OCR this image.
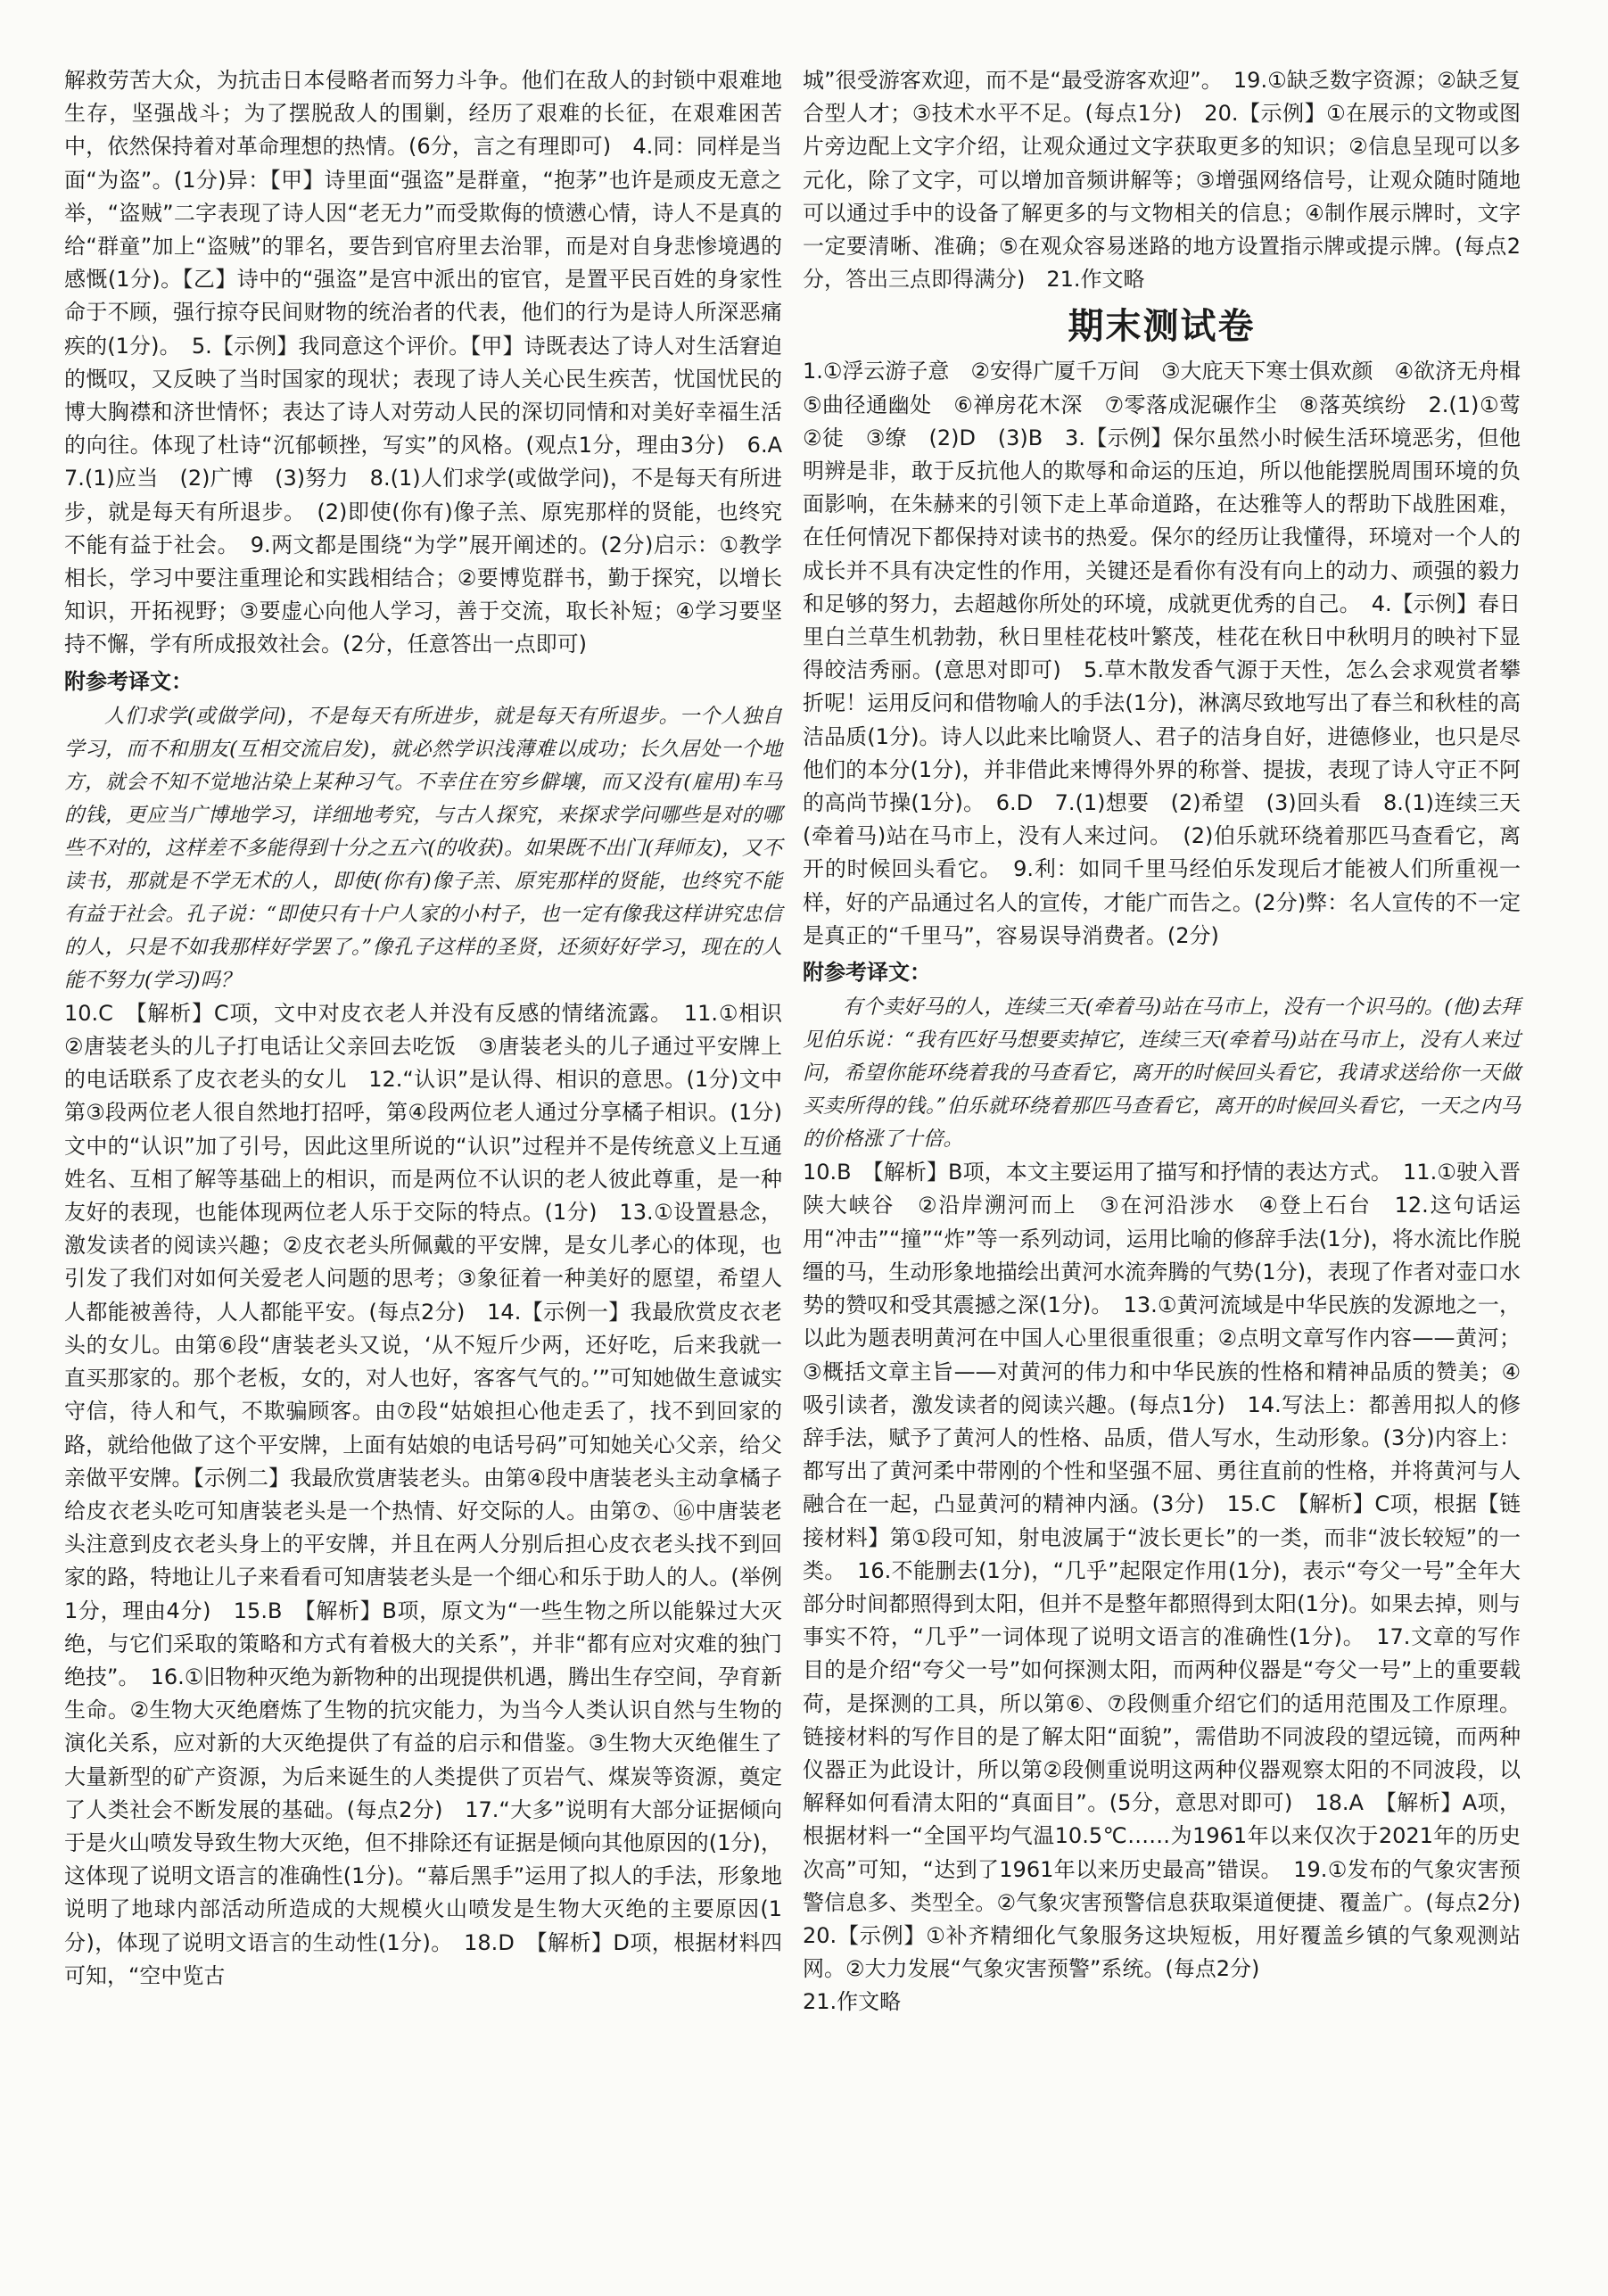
解救劳苦大众，为抗击日本侵略者而努力斗争。他们在敌人的封锁中艰难地生存，坚强战斗；为了摆脱敌人的围剿，经历了艰难的长征，在艰难困苦中，依然保持着对革命理想的热情。(6分，言之有理即可)　4.同：同样是当面“为盗”。(1分)异：【甲】诗里面“强盗”是群童，“抱茅”也许是顽皮无意之举，“盗贼”二字表现了诗人因“老无力”而受欺侮的愤懑心情，诗人不是真的给“群童”加上“盗贼”的罪名，要告到官府里去治罪，而是对自身悲惨境遇的感慨(1分)。【乙】诗中的“强盗”是宫中派出的宦官，是置平民百姓的身家性命于不顾，强行掠夺民间财物的统治者的代表，他们的行为是诗人所深恶痛疾的(1分)。　5.【示例】我同意这个评价。【甲】诗既表达了诗人对生活窘迫的慨叹，又反映了当时国家的现状；表现了诗人关心民生疾苦，忧国忧民的博大胸襟和济世情怀；表达了诗人对劳动人民的深切同情和对美好幸福生活的向往。体现了杜诗“沉郁顿挫，写实”的风格。(观点1分，理由3分)　6.A　7.(1)应当　(2)广博　(3)努力　8.(1)人们求学(或做学问)，不是每天有所进步，就是每天有所退步。　(2)即使(你有)像子羔、原宪那样的贤能，也终究不能有益于社会。　9.两文都是围绕“为学”展开阐述的。(2分)启示：①教学相长，学习中要注重理论和实践相结合；②要博览群书，勤于探究，以增长知识，开拓视野；③要虚心向他人学习，善于交流，取长补短；④学习要坚持不懈，学有所成报效社会。(2分，任意答出一点即可)

附参考译文：

人们求学(或做学问)，不是每天有所进步，就是每天有所退步。一个人独自学习，而不和朋友(互相交流启发)，就必然学识浅薄难以成功；长久居处一个地方，就会不知不觉地沾染上某种习气。不幸住在穷乡僻壤，而又没有(雇用)车马的钱，更应当广博地学习，详细地考究，与古人探究，来探求学问哪些是对的哪些不对的，这样差不多能得到十分之五六(的收获)。如果既不出门(拜师友)，又不读书，那就是不学无术的人，即使(你有)像子羔、原宪那样的贤能，也终究不能有益于社会。孔子说：“即使只有十户人家的小村子，也一定有像我这样讲究忠信的人，只是不如我那样好学罢了。”像孔子这样的圣贤，还须好好学习，现在的人能不努力(学习)吗？

10.C　【解析】C项，文中对皮衣老人并没有反感的情绪流露。　11.①相识　②唐装老头的儿子打电话让父亲回去吃饭　③唐装老头的儿子通过平安牌上的电话联系了皮衣老头的女儿　12.“认识”是认得、相识的意思。(1分)文中第③段两位老人很自然地打招呼，第④段两位老人通过分享橘子相识。(1分)文中的“认识”加了引号，因此这里所说的“认识”过程并不是传统意义上互通姓名、互相了解等基础上的相识，而是两位不认识的老人彼此尊重，是一种友好的表现，也能体现两位老人乐于交际的特点。(1分)　13.①设置悬念，激发读者的阅读兴趣；②皮衣老头所佩戴的平安牌，是女儿孝心的体现，也引发了我们对如何关爱老人问题的思考；③象征着一种美好的愿望，希望人人都能被善待，人人都能平安。(每点2分)　14.【示例一】我最欣赏皮衣老头的女儿。由第⑥段“唐装老头又说，‘从不短斤少两，还好吃，后来我就一直买那家的。那个老板，女的，对人也好，客客气气的。’”可知她做生意诚实守信，待人和气，不欺骗顾客。由⑦段“姑娘担心他走丢了，找不到回家的路，就给他做了这个平安牌，上面有姑娘的电话号码”可知她关心父亲，给父亲做平安牌。【示例二】我最欣赏唐装老头。由第④段中唐装老头主动拿橘子给皮衣老头吃可知唐装老头是一个热情、好交际的人。由第⑦、⑯中唐装老头注意到皮衣老头身上的平安牌，并且在两人分别后担心皮衣老头找不到回家的路，特地让儿子来看看可知唐装老头是一个细心和乐于助人的人。(举例1分，理由4分)　15.B　【解析】B项，原文为“一些生物之所以能躲过大灭绝，与它们采取的策略和方式有着极大的关系”，并非“都有应对灾难的独门绝技”。　16.①旧物种灭绝为新物种的出现提供机遇，腾出生存空间，孕育新生命。②生物大灭绝磨炼了生物的抗灾能力，为当今人类认识自然与生物的演化关系，应对新的大灭绝提供了有益的启示和借鉴。③生物大灭绝催生了大量新型的矿产资源，为后来诞生的人类提供了页岩气、煤炭等资源，奠定了人类社会不断发展的基础。(每点2分)　17.“大多”说明有大部分证据倾向于是火山喷发导致生物大灭绝，但不排除还有证据是倾向其他原因的(1分)，这体现了说明文语言的准确性(1分)。“幕后黑手”运用了拟人的手法，形象地说明了地球内部活动所造成的大规模火山喷发是生物大灭绝的主要原因(1分)，体现了说明文语言的生动性(1分)。　18.D　【解析】D项，根据材料四可知，“空中览古

城”很受游客欢迎，而不是“最受游客欢迎”。　19.①缺乏数字资源；②缺乏复合型人才；③技术水平不足。(每点1分)　20.【示例】①在展示的文物或图片旁边配上文字介绍，让观众通过文字获取更多的知识；②信息呈现可以多元化，除了文字，可以增加音频讲解等；③增强网络信号，让观众随时随地可以通过手中的设备了解更多的与文物相关的信息；④制作展示牌时，文字一定要清晰、准确；⑤在观众容易迷路的地方设置指示牌或提示牌。(每点2分，答出三点即得满分)　21.作文略

期末测试卷

1.①浮云游子意　②安得广厦千万间　③大庇天下寒士俱欢颜　④欲济无舟楫　⑤曲径通幽处　⑥禅房花木深　⑦零落成泥碾作尘　⑧落英缤纷　2.(1)①莺　②徒　③缭　(2)D　(3)B　3.【示例】保尔虽然小时候生活环境恶劣，但他明辨是非，敢于反抗他人的欺辱和命运的压迫，所以他能摆脱周围环境的负面影响，在朱赫来的引领下走上革命道路，在达雅等人的帮助下战胜困难，在任何情况下都保持对读书的热爱。保尔的经历让我懂得，环境对一个人的成长并不具有决定性的作用，关键还是看你有没有向上的动力、顽强的毅力和足够的努力，去超越你所处的环境，成就更优秀的自己。　4.【示例】春日里白兰草生机勃勃，秋日里桂花枝叶繁茂，桂花在秋日中秋明月的映衬下显得皎洁秀丽。(意思对即可)　5.草木散发香气源于天性，怎么会求观赏者攀折呢！运用反问和借物喻人的手法(1分)，淋漓尽致地写出了春兰和秋桂的高洁品质(1分)。诗人以此来比喻贤人、君子的洁身自好，进德修业，也只是尽他们的本分(1分)，并非借此来博得外界的称誉、提拔，表现了诗人守正不阿的高尚节操(1分)。　6.D　7.(1)想要　(2)希望　(3)回头看　8.(1)连续三天(牵着马)站在马市上，没有人来过问。　(2)伯乐就环绕着那匹马查看它，离开的时候回头看它。　9.利：如同千里马经伯乐发现后才能被人们所重视一样，好的产品通过名人的宣传，才能广而告之。(2分)弊：名人宣传的不一定是真正的“千里马”，容易误导消费者。(2分)

附参考译文：

有个卖好马的人，连续三天(牵着马)站在马市上，没有一个识马的。(他)去拜见伯乐说：“我有匹好马想要卖掉它，连续三天(牵着马)站在马市上，没有人来过问，希望你能环绕着我的马查看它，离开的时候回头看它，我请求送给你一天做买卖所得的钱。”伯乐就环绕着那匹马查看它，离开的时候回头看它，一天之内马的价格涨了十倍。

10.B　【解析】B项，本文主要运用了描写和抒情的表达方式。　11.①驶入晋陕大峡谷　②沿岸溯河而上　③在河沿涉水　④登上石台　12.这句话运用“冲击”“撞”“炸”等一系列动词，运用比喻的修辞手法(1分)，将水流比作脱缰的马，生动形象地描绘出黄河水流奔腾的气势(1分)，表现了作者对壶口水势的赞叹和受其震撼之深(1分)。　13.①黄河流域是中华民族的发源地之一，以此为题表明黄河在中国人心里很重很重；②点明文章写作内容——黄河；③概括文章主旨——对黄河的伟力和中华民族的性格和精神品质的赞美；④吸引读者，激发读者的阅读兴趣。(每点1分)　14.写法上：都善用拟人的修辞手法，赋予了黄河人的性格、品质，借人写水，生动形象。(3分)内容上：都写出了黄河柔中带刚的个性和坚强不屈、勇往直前的性格，并将黄河与人融合在一起，凸显黄河的精神内涵。(3分)　15.C　【解析】C项，根据【链接材料】第①段可知，射电波属于“波长更长”的一类，而非“波长较短”的一类。　16.不能删去(1分)，“几乎”起限定作用(1分)，表示“夸父一号”全年大部分时间都照得到太阳，但并不是整年都照得到太阳(1分)。如果去掉，则与事实不符，“几乎”一词体现了说明文语言的准确性(1分)。　17.文章的写作目的是介绍“夸父一号”如何探测太阳，而两种仪器是“夸父一号”上的重要载荷，是探测的工具，所以第⑥、⑦段侧重介绍它们的适用范围及工作原理。链接材料的写作目的是了解太阳“面貌”，需借助不同波段的望远镜，而两种仪器正为此设计，所以第②段侧重说明这两种仪器观察太阳的不同波段，以解释如何看清太阳的“真面目”。(5分，意思对即可)　18.A　【解析】A项，根据材料一“全国平均气温10.5℃……为1961年以来仅次于2021年的历史次高”可知，“达到了1961年以来历史最高”错误。　19.①发布的气象灾害预警信息多、类型全。②气象灾害预警信息获取渠道便捷、覆盖广。(每点2分)　20.【示例】①补齐精细化气象服务这块短板，用好覆盖乡镇的气象观测站网。②大力发展“气象灾害预警”系统。(每点2分)

21.作文略
